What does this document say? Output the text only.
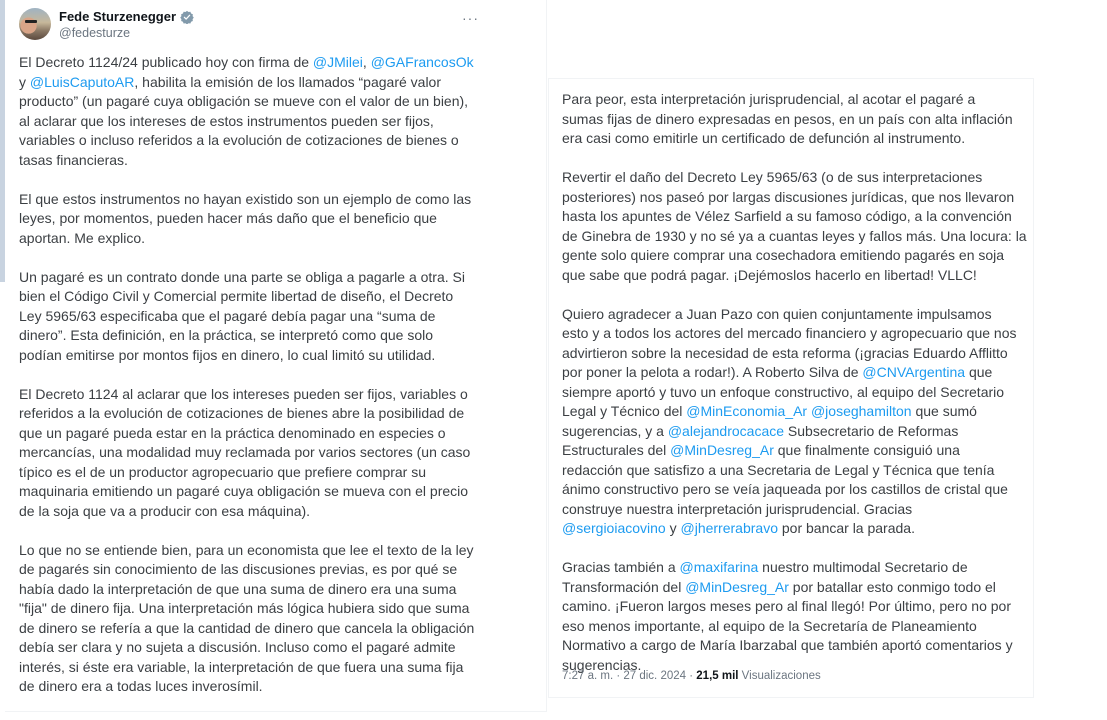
Fede Sturzenegger
@fedesturze
···

El Decreto 1124/24 publicado hoy con firma de @JMilei, @GAFrancosOk
y @LuisCaputoAR, habilita la emisión de los llamados “pagaré valor
producto” (un pagaré cuya obligación se mueve con el valor de un bien),
al aclarar que los intereses de estos instrumentos pueden ser fijos,
variables o incluso referidos a la evolución de cotizaciones de bienes o
tasas financieras.

El que estos instrumentos no hayan existido son un ejemplo de como las
leyes, por momentos, pueden hacer más daño que el beneficio que
aportan. Me explico.

Un pagaré es un contrato donde una parte se obliga a pagarle a otra. Si
bien el Código Civil y Comercial permite libertad de diseño, el Decreto
Ley 5965/63 especificaba que el pagaré debía pagar una “suma de
dinero”. Esta definición, en la práctica, se interpretó como que solo
podían emitirse por montos fijos en dinero, lo cual limitó su utilidad.

El Decreto 1124 al aclarar que los intereses pueden ser fijos, variables o
referidos a la evolución de cotizaciones de bienes abre la posibilidad de
que un pagaré pueda estar en la práctica denominado en especies o
mercancías, una modalidad muy reclamada por varios sectores (un caso
típico es el de un productor agropecuario que prefiere comprar su
maquinaria emitiendo un pagaré cuya obligación se mueva con el precio
de la soja que va a producir con esa máquina).

Lo que no se entiende bien, para un economista que lee el texto de la ley
de pagarés sin conocimiento de las discusiones previas, es por qué se
había dado la interpretación de que una suma de dinero era una suma
"fija" de dinero fija. Una interpretación más lógica hubiera sido que suma
de dinero se refería a que la cantidad de dinero que cancela la obligación
debía ser clara y no sujeta a discusión. Incluso como el pagaré admite
interés, si éste era variable, la interpretación de que fuera una suma fija
de dinero era a todas luces inverosímil.

Para peor, esta interpretación jurisprudencial, al acotar el pagaré a
sumas fijas de dinero expresadas en pesos, en un país con alta inflación
era casi como emitirle un certificado de defunción al instrumento.

Revertir el daño del Decreto Ley 5965/63 (o de sus interpretaciones
posteriores) nos paseó por largas discusiones jurídicas, que nos llevaron
hasta los apuntes de Vélez Sarfield a su famoso código, a la convención
de Ginebra de 1930 y no sé ya a cuantas leyes y fallos más. Una locura: la
gente solo quiere comprar una cosechadora emitiendo pagarés en soja
que sabe que podrá pagar. ¡Dejémoslos hacerlo en libertad! VLLC!

Quiero agradecer a Juan Pazo con quien conjuntamente impulsamos
esto y a todos los actores del mercado financiero y agropecuario que nos
advirtieron sobre la necesidad de esta reforma (¡gracias Eduardo Afflitto
por poner la pelota a rodar!). A Roberto Silva de @CNVArgentina que
siempre aportó y tuvo un enfoque constructivo, al equipo del Secretario
Legal y Técnico del @MinEconomia_Ar @joseghamilton que sumó
sugerencias, y a @alejandrocacace Subsecretario de Reformas
Estructurales del @MinDesreg_Ar que finalmente consiguió una
redacción que satisfizo a una Secretaria de Legal y Técnica que tenía
ánimo constructivo pero se veía jaqueada por los castillos de cristal que
construye nuestra interpretación jurisprudencial. Gracias
@sergioiacovino y @jherrerabravo por bancar la parada.

Gracias también a @maxifarina nuestro multimodal Secretario de
Transformación del @MinDesreg_Ar por batallar esto conmigo todo el
camino. ¡Fueron largos meses pero al final llegó! Por último, pero no por
eso menos importante, al equipo de la Secretaría de Planeamiento
Normativo a cargo de María Ibarzabal que también aportó comentarios y
sugerencias.

7:27 a. m. · 27 dic. 2024 · 21,5 mil Visualizaciones
